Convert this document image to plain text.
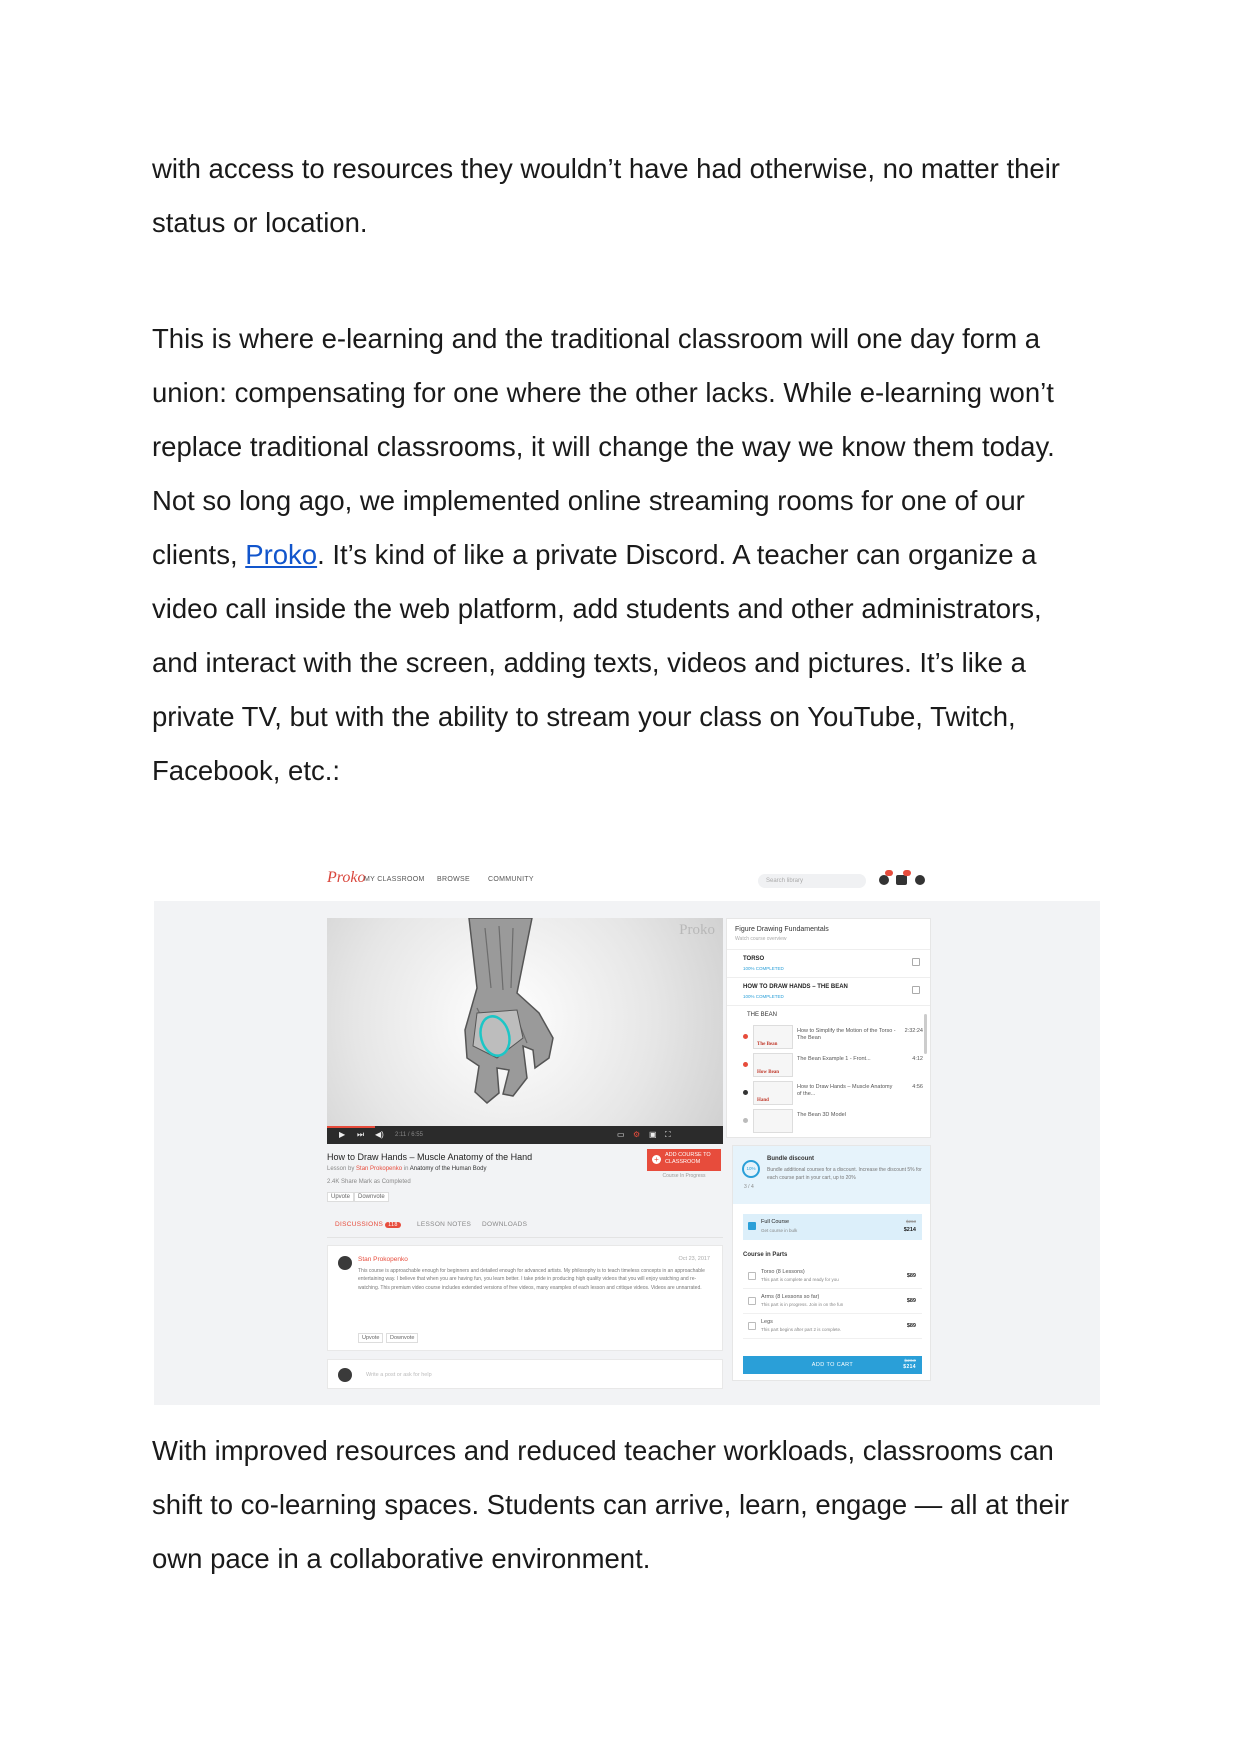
with access to resources they wouldn’t have had otherwise, no matter their status or location.

This is where e-learning and the traditional classroom will one day form a union: compensating for one where the other lacks. While e-learning won’t replace traditional classrooms, it will change the way we know them today. Not so long ago, we implemented online streaming rooms for one of our clients, Proko. It’s kind of like a private Discord. A teacher can organize a video call inside the web platform, add students and other administrators, and interact with the screen, adding texts, videos and pictures. It’s like a private TV, but with the ability to stream your class on YouTube, Twitch, Facebook, etc.:

Proko
MY CLASSROOM BROWSE	COMMUNITY	Search library
Proko
▶ ⏭ ◀) 2:11 / 6:55	▭ ⚙ ▣ ⛶
How to Draw Hands – Muscle Anatomy of the Hand
Lesson by Stan Prokopenko in Anatomy of the Human Body
2.4K Share Mark as Completed
Upvote	Downvote
+	ADD COURSE TO CLASSROOM
Course In Progress
DISCUSSIONS 118	LESSON NOTES DOWNLOADS
Stan Prokopenko	Oct 23, 2017
This course is approachable enough for beginners and detailed enough for advanced artists. My philosophy is to teach timeless concepts in an approachable entertaining way. I believe that when you are having fun, you learn better. I take pride in producing high quality videos that you will enjoy watching and re-watching. This premium video course includes extended versions of free videos, many examples of each lesson and critique videos. Videos are unnarrated.
Upvote	Downvote
Write a post or ask for help
Figure Drawing Fundamentals
Watch course overview
TORSO
100% COMPLETED
HOW TO DRAW HANDS – THE BEAN
100% COMPLETED
THE BEAN
The Bean
How to Simplify the Motion of the Torso - The Bean
2:32:24
How Bean
The Bean Example 1 - Front...	4:12
Hand
How to Draw Hands – Muscle Anatomy of the...
4:56
The Bean 3D Model
10%
3 / 4
Bundle discount
Bundle additional courses for a discount. Increase the discount 5% for each course part in your cart, up to 20%
Full Course
Get course in bulk
$263
$214
Course in Parts
Torso (8 Lessons)
This part is complete and ready for you
$89
Arms (8 Lessons so far)
This part is in progress. Join in on the fun
$89
Legs
This part begins after part 2 is complete.
$89
ADD TO CART
$263
$214

With improved resources and reduced teacher workloads, classrooms can shift to co-learning spaces. Students can arrive, learn, engage — all at their own pace in a collaborative environment.
